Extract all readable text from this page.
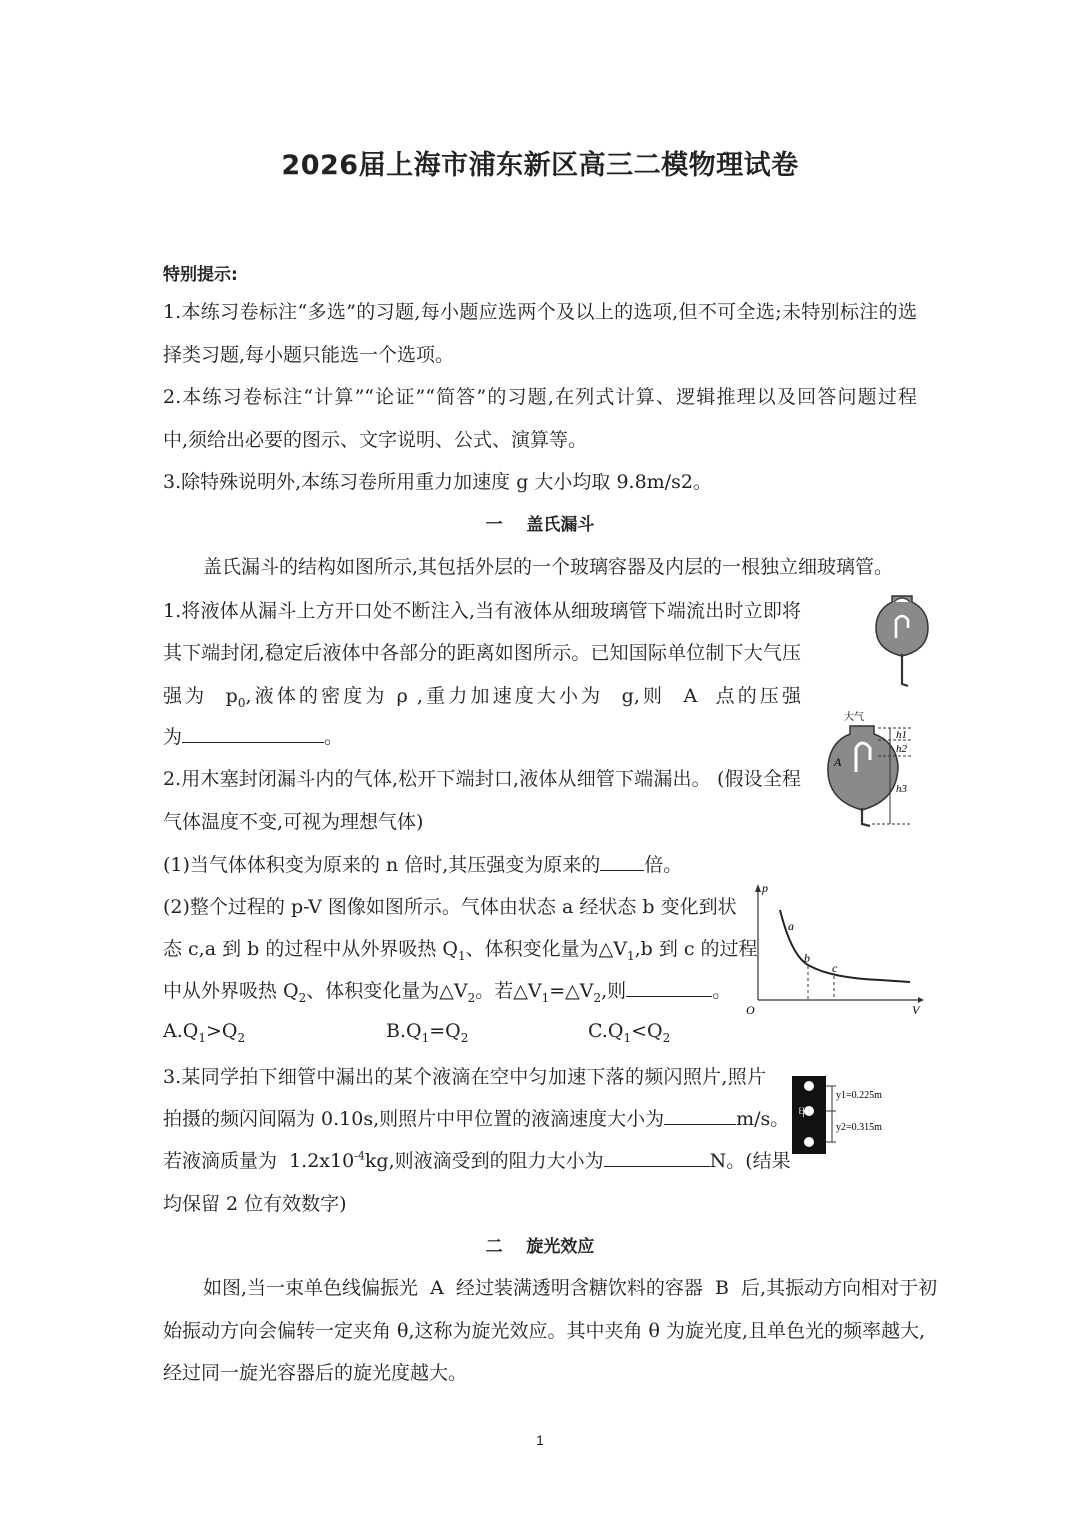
2026届上海市浦东新区高三二模物理试卷
特别提示:
1.本练习卷标注“多选”的习题,每小题应选两个及以上的选项,但不可全选;未特别标注的选
择类习题,每小题只能选一个选项。
2.本练习卷标注“计算”“论证”“简答”的习题,在列式计算、逻辑推理以及回答问题过程
中,须给出必要的图示、文字说明、公式、演算等。
3.除特殊说明外,本练习卷所用重力加速度 g 大小均取 9.8m/s2。
一    盖氏漏斗
盖氏漏斗的结构如图所示,其包括外层的一个玻璃容器及内层的一根独立细玻璃管。
1.将液体从漏斗上方开口处不断注入,当有液体从细玻璃管下端流出时立即将
其下端封闭,稳定后液体中各部分的距离如图所示。已知国际单位制下大气压
强为  $p_0$,液体的密度为 ρ ,重力加速度大小为  g,则  A  点的压强
为	。
2.用木塞封闭漏斗内的气体,松开下端封口,液体从细管下端漏出。 (假设全程
气体温度不变,可视为理想气体)
(1)当气体体积变为原来的 n 倍时,其压强变为原来的 倍。
(2)整个过程的 p-V 图像如图所示。气体由状态 a 经状态 b 变化到状
态 c,a 到 b 的过程中从外界吸热 $Q_1$、体积变化量为$\triangle V_1,b$ 到 c 的过程
中从外界吸热 $Q_2$、体积变化量为$\triangle V_2$。若$\triangle V_1=\triangle V_2$,则	。
$A.Q_1>Q_2$	$B.Q_1=Q_2$	$C.Q_1<Q_2$
3.某同学拍下细管中漏出的某个液滴在空中匀加速下落的频闪照片,照片
拍摄的频闪间隔为 0.10s,则照片中甲位置的液滴速度大小为	m/s。
若液滴质量为  $1.2x10^{-4}kg$,则液滴受到的阻力大小为	N。(结果
均保留 2 位有效数字)
二    旋光效应
如图,当一束单色线偏振光  A  经过装满透明含糖饮料的容器  B  后,其振动方向相对于初
始振动方向会偏转一定夹角 θ,这称为旋光效应。其中夹角 θ 为旋光度,且单色光的频率越大,
经过同一旋光容器后的旋光度越大。
1
大气
A
h1
h2
h3
p
V
O
a
b
c
甲
y1=0.225m
y2=0.315m
